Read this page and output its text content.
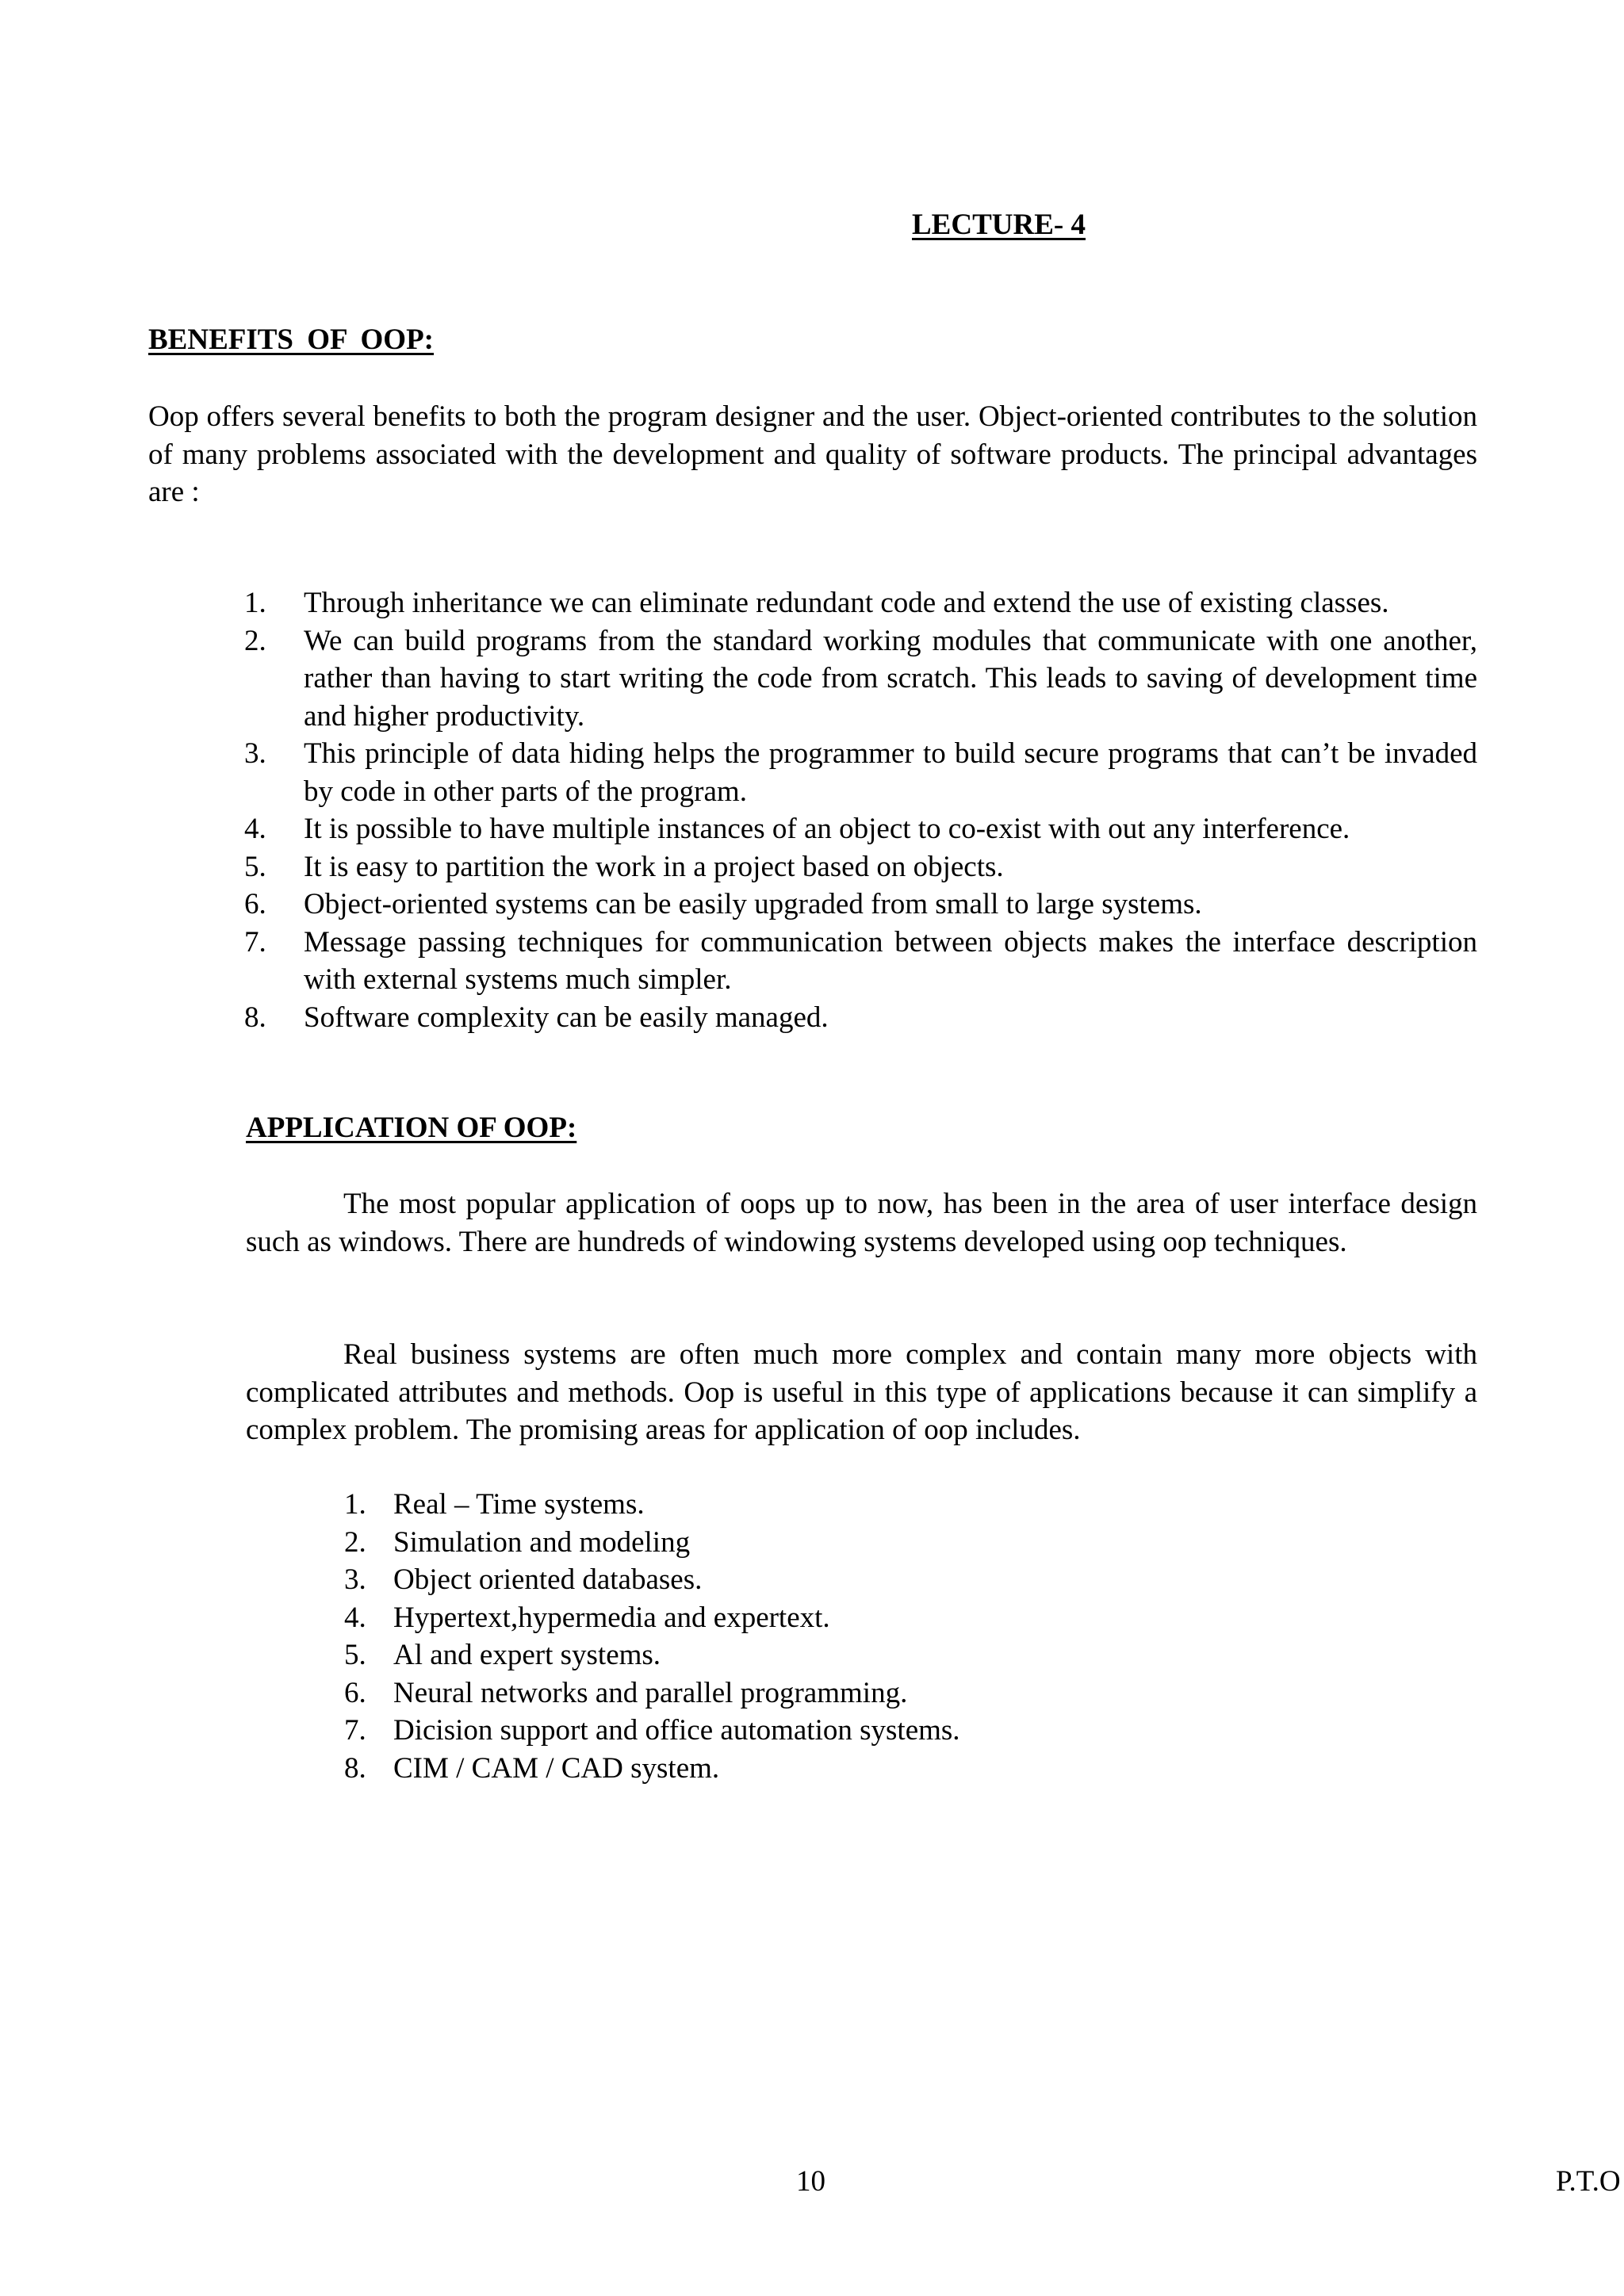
LECTURE- 4
BENEFITS OF OOP:

Oop offers several benefits to both the program designer and the user. Object-oriented contributes to the solution of many problems associated with the development and quality of software products. The principal advantages are :

1.	Through inheritance we can eliminate redundant code and extend the use of existing classes.
2.	We can build programs from the standard working modules that communicate with one another, rather than having to start writing the code from scratch. This leads to saving of development time and higher productivity.
3.	This principle of data hiding helps the programmer to build secure programs that can’t be invaded by code in other parts of the program.
4.	It is possible to have multiple instances of an object to co-exist with out any interference.
5.	It is easy to partition the work in a project based on objects.
6.	Object-oriented systems can be easily upgraded from small to large systems.
7.	Message passing techniques for communication between objects makes the interface description with external systems much simpler.
8.	Software complexity can be easily managed.
APPLICATION OF OOP:

The most popular application of oops up to now, has been in the area of user interface design such as windows. There are hundreds of windowing systems developed using oop techniques.

Real business systems are often much more complex and contain many more objects with complicated attributes and methods. Oop is useful in this type of applications because it can simplify a complex problem. The promising areas for application of oop includes.

1. Real – Time systems.
2. Simulation and modeling
3. Object oriented databases.
4. Hypertext,hypermedia and expertext.
5. Al and expert systems.
6. Neural networks and parallel programming.
7. Dicision support and office automation systems.
8. CIM / CAM / CAD system.
10	P.T.O
